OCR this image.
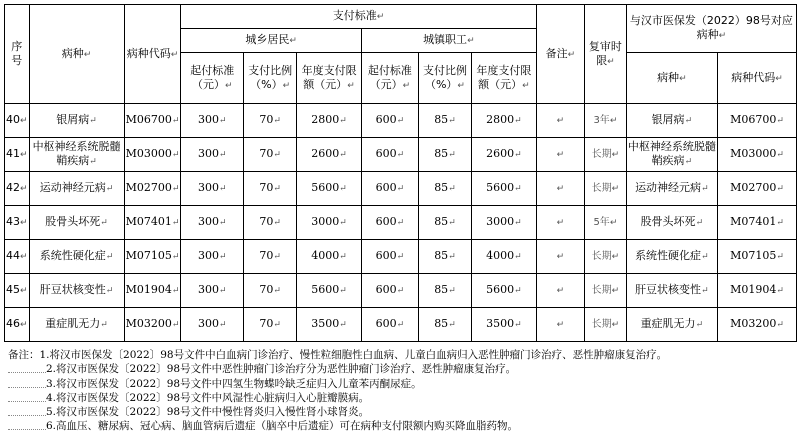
序号	病种↵	病种代码↵	支付标准↵						备注↵	复审时限↵	与汉市医保发（2022）98号对应病种↵	
			城乡居民↵			城镇职工↵						
			起付标准（元）↵	支付比例（%）↵	年度支付限额（元）↵	起付标准（元）↵	支付比例（%）↵	年度支付限额（元）↵			病种↵	病种代码↵
40↵	银屑病↵	M06700↵	300↵	70↵	2800↵	600↵	85↵	2800↵	↵	3年↵	银屑病↵	M06700↵
41↵	中枢神经系统脱髓鞘疾病↵	M03000↵	300↵	70↵	2600↵	600↵	85↵	2600↵	↵	长期↵	中枢神经系统脱髓鞘疾病↵	M03000↵
42↵	运动神经元病↵	M02700↵	300↵	70↵	5600↵	600↵	85↵	5600↵	↵	长期↵	运动神经元病↵	M02700↵
43↵	股骨头坏死↵	M07401↵	300↵	70↵	3000↵	600↵	85↵	3000↵	↵	5年↵	股骨头坏死↵	M07401↵
44↵	系统性硬化症↵	M07105↵	300↵	70↵	4000↵	600↵	85↵	4000↵	↵	长期↵	系统性硬化症↵	M07105↵
45↵	肝豆状核变性↵	M01904↵	300↵	70↵	5600↵	600↵	85↵	5600↵	↵	长期↵	肝豆状核变性↵	M01904↵
46↵	重症肌无力↵	M03200↵	300↵	70↵	3500↵	600↵	85↵	3500↵	↵	长期↵	重症肌无力↵	M03200↵
备注：1.将汉市医保发〔2022〕98号文件中白血病门诊治疗、慢性粒细胞性白血病、儿童白血病归入恶性肿瘤门诊治疗、恶性肿瘤康复治疗。
2.将汉市医保发〔2022〕98号文件中恶性肿瘤门诊治疗分为恶性肿瘤门诊治疗、恶性肿瘤康复治疗。
3.将汉市医保发〔2022〕98号文件中四氢生物蝶呤缺乏症归入儿童苯丙酮尿症。
4.将汉市医保发〔2022〕98号文件中风湿性心脏病归入心脏瓣膜病。
5.将汉市医保发〔2022〕98号文件中慢性肾炎归入慢性肾小球肾炎。
6.高血压、糖尿病、冠心病、脑血管病后遗症（脑卒中后遗症）可在病种支付限额内购买降血脂药物。
